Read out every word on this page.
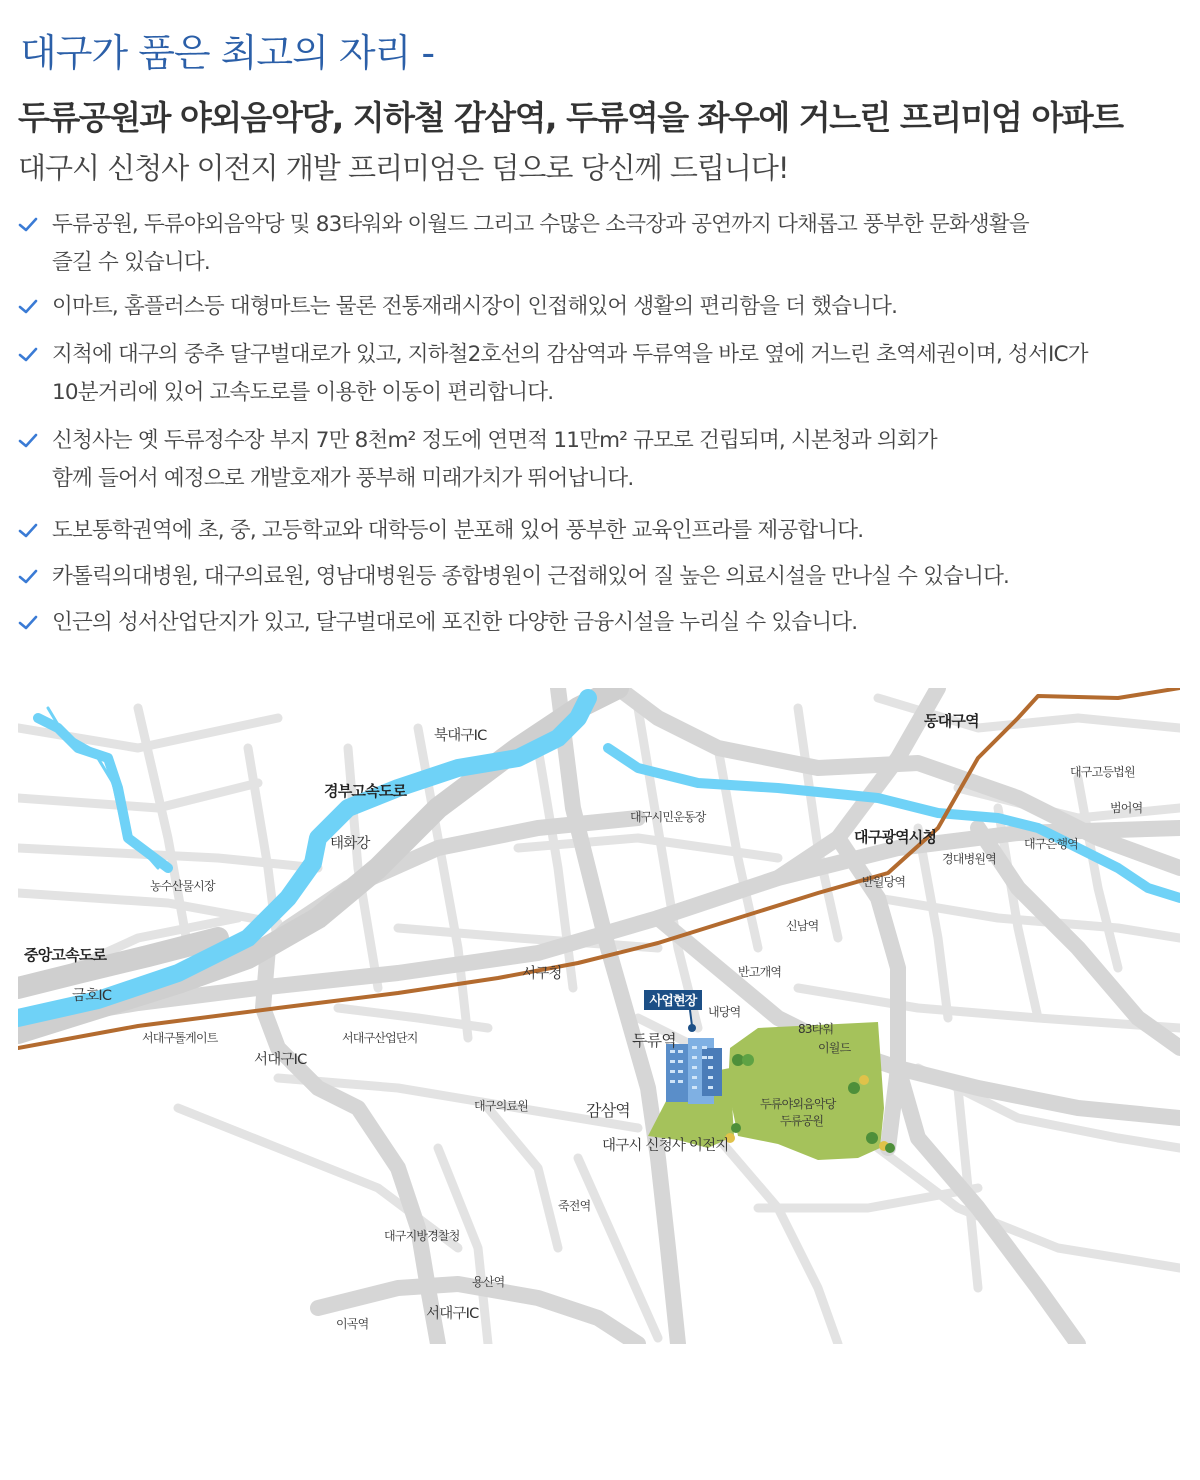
대구가 품은 최고의 자리 -
두류공원과 야외음악당, 지하철 감삼역, 두류역을 좌우에 거느린 프리미엄 아파트
대구시 신청사 이전지 개발 프리미엄은 덤으로 당신께 드립니다!
두류공원, 두류야외음악당 및 83타워와 이월드 그리고 수많은 소극장과 공연까지 다채롭고 풍부한 문화생활을
즐길 수 있습니다.
이마트, 홈플러스등 대형마트는 물론 전통재래시장이 인접해있어 생활의 편리함을 더 했습니다.
지척에 대구의 중추 달구벌대로가 있고, 지하철2호선의 감삼역과 두류역을 바로 옆에 거느린 초역세권이며, 성서IC가
10분거리에 있어 고속도로를 이용한 이동이 편리합니다.
신청사는 옛 두류정수장 부지 7만 8천m² 정도에 연면적 11만m² 규모로 건립되며, 시본청과 의회가
함께 들어서 예정으로 개발호재가 풍부해 미래가치가 뛰어납니다.
도보통학권역에 초, 중, 고등학교와 대학등이 분포해 있어 풍부한 교육인프라를 제공합니다.
카톨릭의대병원, 대구의료원, 영남대병원등 종합병원이 근접해있어 질 높은 의료시설을 만나실 수 있습니다.
인근의 성서산업단지가 있고, 달구벌대로에 포진한 다양한 금융시설을 누리실 수 있습니다.
사업현장
북대구IC
동대구역
경부고속도로
대구고등법원
범어역
대구시민운동장
대구광역시청	대구은행역
태화강
경대병원역
농수산물시장	반월당역
신남역
중앙고속도로
서구청	반고개역
금호IC
내당역
83타워
이월드
서대구톨게이트	서대구산업단지	두류역
서대구IC
두류야외음악당
두류공원
대구의료원	감삼역
대구시 신청사 이전지
죽전역
대구지방경찰청
용산역
이곡역
서대구IC
